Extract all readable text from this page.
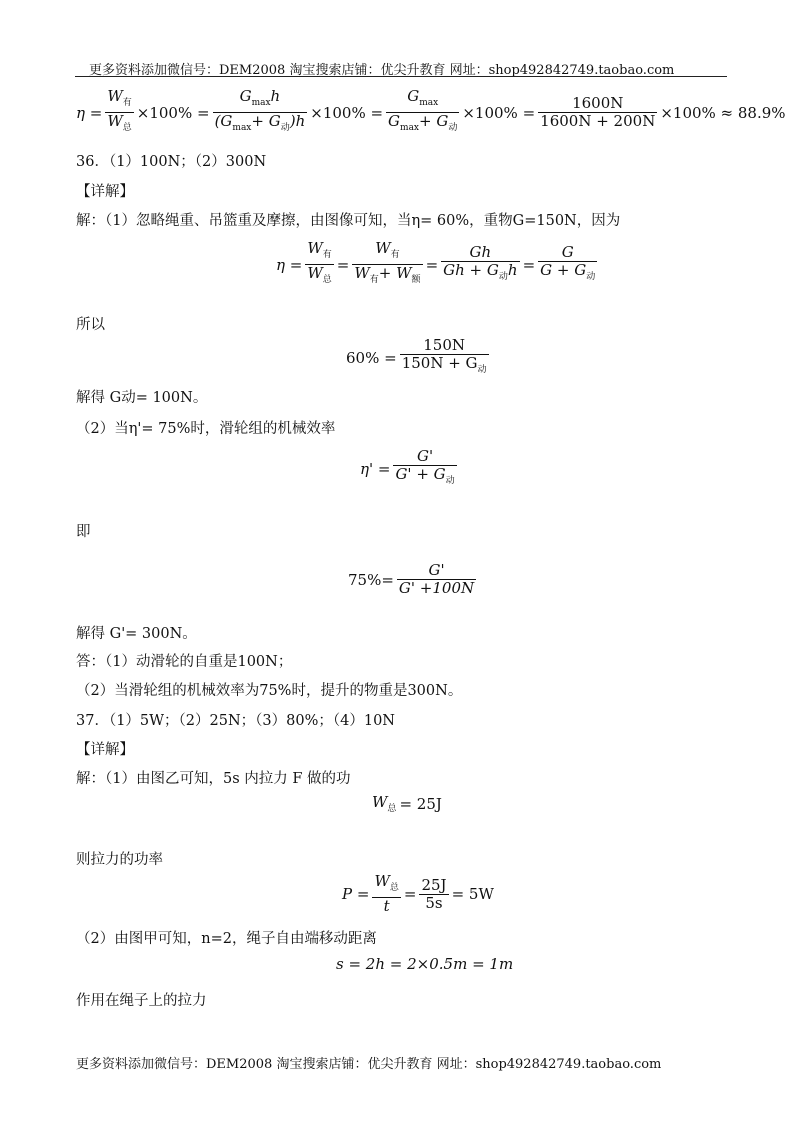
更多资料添加微信号：DEM2008 淘宝搜索店铺：优尖升教育 网址：shop492842749.taobao.com
$\eta = \frac{W_有}{W_总} \times 100\% = \frac{G_{max}h}{(G_{max}+ G_动)h} \times 100\% = \frac{G_{max}}{G_{max}+ G_动} \times 100\% = \frac{1600N}{1600N + 200N} \times 100\% \approx 88.9\%$
36．（1）100N；（2）300N
【详解】
解：（1）忽略绳重、吊篮重及摩擦，由图像可知，当η= 60%，重物G=150N，因为
$\eta = \frac{W_有}{W_总} = \frac{W_有}{W_有+ W_额} = \frac{Gh}{Gh + G_动h} = \frac{G}{G + G_动}$
所以
$60\% = \frac{150N}{150N + G_动}$
解得 G动= 100N。
（2）当η'= 75%时，滑轮组的机械效率
$\eta' = \frac{G'}{G' + G_动}$
即
$75\%= \frac{G'}{G' +100N}$
解得 G'= 300N。
答：（1）动滑轮的自重是100N；
（2）当滑轮组的机械效率为75%时，提升的物重是300N。
37．（1）5W；（2）25N；（3）80%；（4）10N
【详解】
解：（1）由图乙可知，5s 内拉力 F 做的功
$W_总 = 25J$
则拉力的功率
$P = \frac{W_总}{t} = \frac{25J}{5s} = 5W$
（2）由图甲可知，n=2，绳子自由端移动距离
s = 2h = 2×0.5m = 1m
作用在绳子上的拉力
更多资料添加微信号：DEM2008 淘宝搜索店铺：优尖升教育 网址：shop492842749.taobao.com
